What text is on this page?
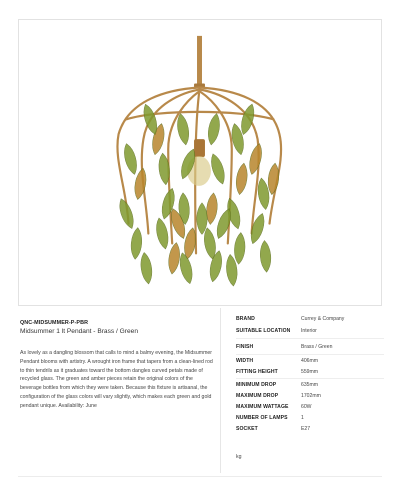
QNC-MIDSUMMER-P-PBR
Midsummer 1 lt Pendant - Brass / Green
As lovely as a dangling blossom that calls to mind a balmy evening, the Midsummer Pendant blooms with artistry. A wrought iron frame that tapers from a clean-lined rod to thin tendrils as it graduates toward the bottom dangles curved petals made of recycled glass. The green and amber pieces retain the original colors of the beverage bottles from which they were taken. Because this fixture is artisanal, the configuration of the glass colors will vary slightly, which makes each green and gold pendant unique. Availability: June
BRAND	Currey & Company
SUITABLE LOCATION Interior
FINISH	Brass / Green
WIDTH	406mm
FITTING HEIGHT	559mm
MINIMUM DROP	635mm
MAXIMUM DROP	1702mm
MAXIMUM WATTAGE 60W
NUMBER OF LAMPS	1
SOCKET	E27
kg
